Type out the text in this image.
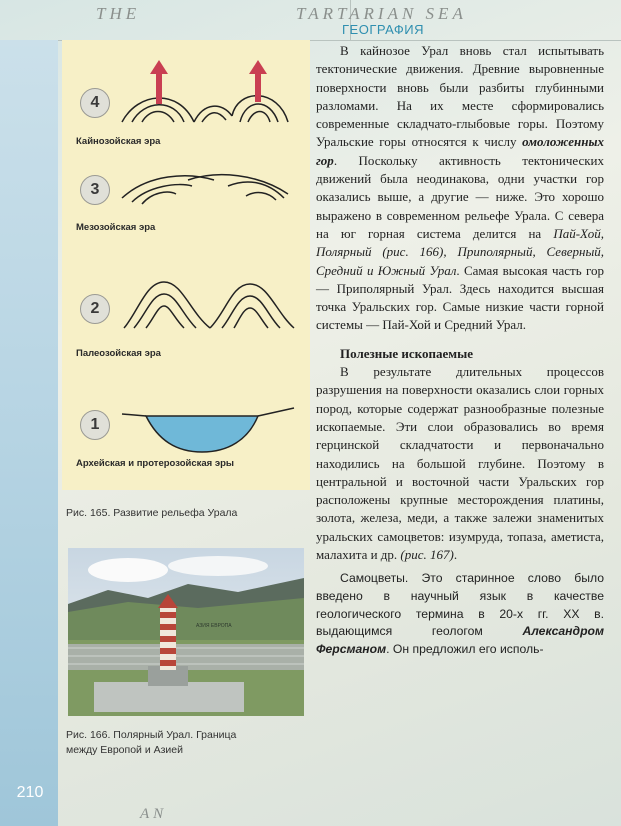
THE	TARTARIAN SEA
AN
210
ГЕОГРАФИЯ
4
Кайнозойская эра
3
Мезозойская эра
2
Палеозойская эра
1
Архейская и протерозойская эры
Рис. 165. Развитие рельефа Урала
АЗИЯ ЕВРОПА
Рис. 166. Полярный Урал. Граница
между Европой и Азией

В кайнозое Урал вновь стал испытывать тектонические движения. Древние выровненные поверхности вновь были разбиты глубинными разломами. На их месте сформировались современные складчато-глыбовые горы. Поэтому Уральские горы относятся к числу омоложенных гор. Поскольку активность тектонических движений была неодинакова, одни участки гор оказались выше, а другие — ниже. Это хорошо выражено в современном рельефе Урала. С севера на юг горная система делится на Пай-Хой, Полярный (рис. 166), Приполярный, Северный, Средний и Южный Урал. Самая высокая часть гор — Приполярный Урал. Здесь находится высшая точка Уральских гор. Самые низкие части горной системы — Пай-Хой и Средний Урал.

Полезные ископаемые

В результате длительных процессов разрушения на поверхности оказались слои горных пород, которые содержат разнообразные полезные ископаемые. Эти слои образовались во время герцинской складчатости и первоначально находились на большой глубине. Поэтому в центральной и восточной части Уральских гор расположены крупные месторождения платины, золота, железа, меди, а также залежи знаменитых уральских самоцветов: изумруда, топаза, аметиста, малахита и др. (рис. 167).

Самоцветы. Это старинное слово было введено в научный язык в качестве геологического термина в 20-х гг. XX в. выдающимся геологом Александром Ферсманом. Он предложил его исполь-
